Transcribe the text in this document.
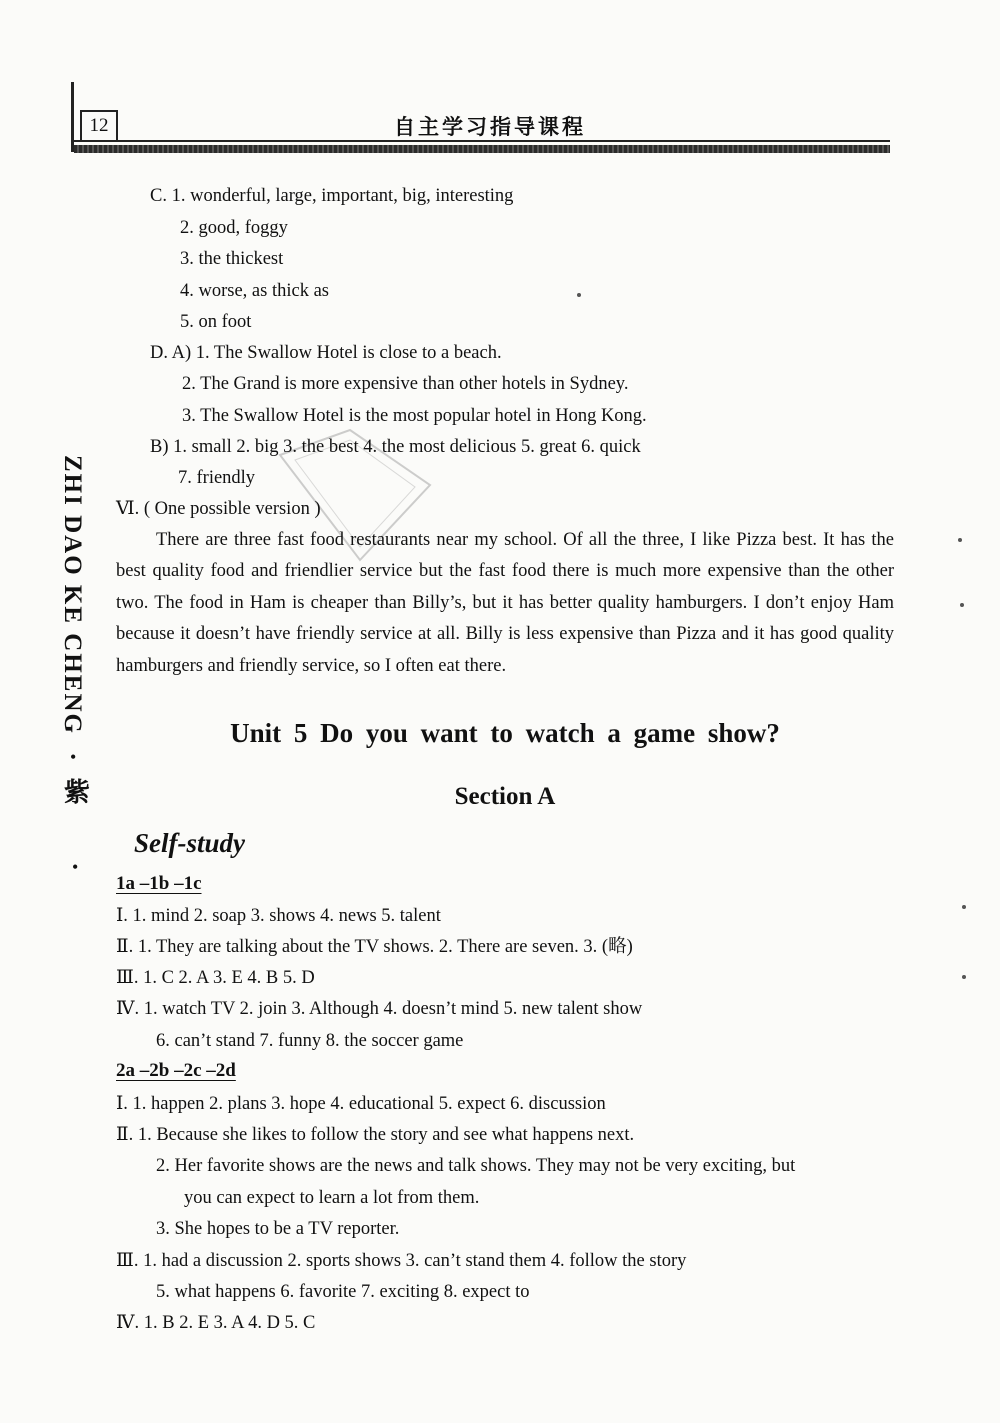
12	自主学习指导课程
ZHI DAO KE CHENG
•
紫
•
C. 1. wonderful, large, important, big, interesting
2. good, foggy
3. the thickest
4. worse, as thick as
5. on foot
D. A) 1. The Swallow Hotel is close to a beach.
2. The Grand is more expensive than other hotels in Sydney.
3. The Swallow Hotel is the most popular hotel in Hong Kong.
B) 1. small 2. big 3. the best 4. the most delicious 5. great 6. quick
7. friendly
Ⅵ. ( One possible version )
There are three fast food restaurants near my school. Of all the three, I like Pizza best. It has the best quality food and friendlier service but the fast food there is much more expensive than the other two. The food in Ham is cheaper than Billy’s, but it has better quality hamburgers. I don’t enjoy Ham because it doesn’t have friendly service at all. Billy is less expensive than Pizza and it has good quality hamburgers and friendly service, so I often eat there.
Unit 5 Do you want to watch a game show?
Section A
Self-study
1a –1b –1c
Ⅰ. 1. mind 2. soap 3. shows 4. news 5. talent
Ⅱ. 1. They are talking about the TV shows. 2. There are seven. 3. (略)
Ⅲ. 1. C 2. A 3. E 4. B 5. D
Ⅳ. 1. watch TV 2. join 3. Although 4. doesn’t mind 5. new talent show
6. can’t stand 7. funny 8. the soccer game
2a –2b –2c –2d
Ⅰ. 1. happen 2. plans 3. hope 4. educational 5. expect 6. discussion
Ⅱ. 1. Because she likes to follow the story and see what happens next.
2. Her favorite shows are the news and talk shows. They may not be very exciting, but
you can expect to learn a lot from them.
3. She hopes to be a TV reporter.
Ⅲ. 1. had a discussion 2. sports shows 3. can’t stand them 4. follow the story
5. what happens 6. favorite 7. exciting 8. expect to
Ⅳ. 1. B 2. E 3. A 4. D 5. C
